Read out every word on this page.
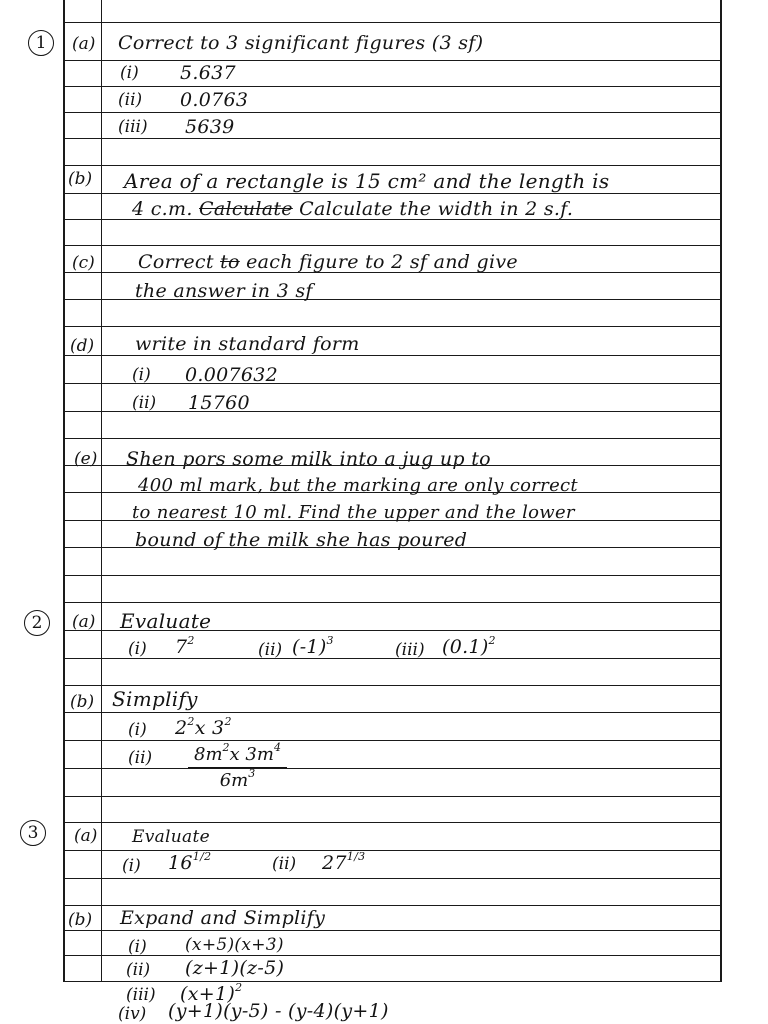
1	(a) Correct to 3 significant figures (3 sf)
(i) 5.637
(ii) 0.0763
(iii) 5639
(b) Area of a rectangle is 15 cm² and the length is
4 c.m. Calculate Calculate the width in 2 s.f.
(c) Correct to each figure to 2 sf and give
the answer in 3 sf
(d) write in standard form
(i) 0.007632
(ii) 15760
(e) Shen pors some milk into a jug up to
400 ml mark, but the marking are only correct
to nearest 10 ml. Find the upper and the lower
bound of the milk she has poured
2	(a) Evaluate
(i) $7^2$	(ii) $(-1)^3$	(iii) $(0.1)^2$
(b) Simplify
(i) $2^2x$ $3^2$
$(ii) \frac{8m^2x 3m^4}{6m^3}$
3	(a) Evaluate
(i) $16^{1/2}$	(ii) $27^{1/3}$
(b) Expand and Simplify
(i) (x+5)(x+3)
(ii) (z+1)(z-5)
(iii) $(x+1)^2$
(iv) (y+1)(y-5) - (y-4)(y+1)
